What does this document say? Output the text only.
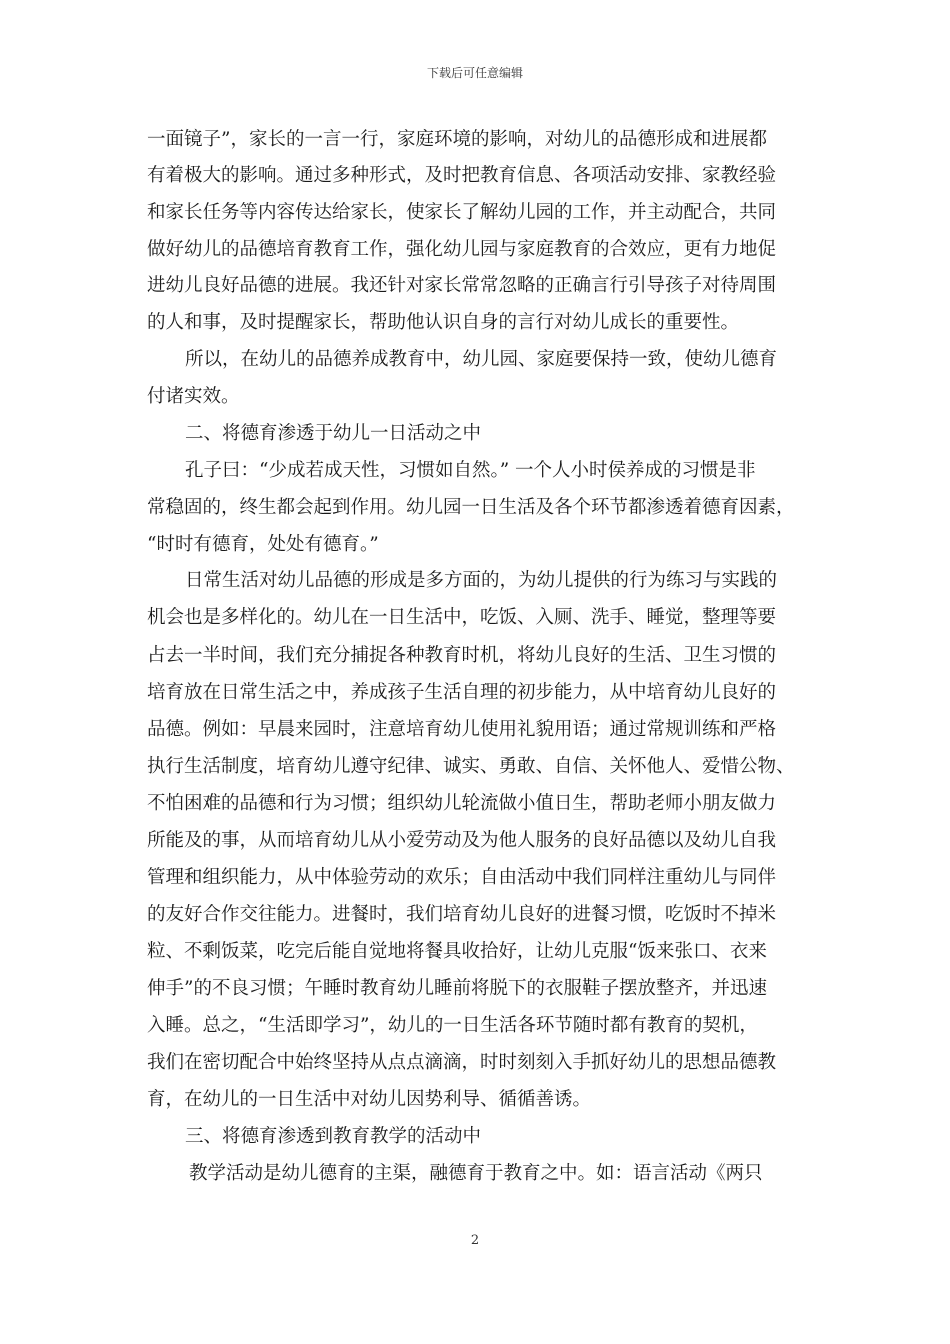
下载后可任意编辑
一面镜子”，家长的一言一行，家庭环境的影响，对幼儿的品德形成和进展都
有着极大的影响。通过多种形式，及时把教育信息、各项活动安排、家教经验
和家长任务等内容传达给家长，使家长了解幼儿园的工作，并主动配合，共同
做好幼儿的品德培育教育工作，强化幼儿园与家庭教育的合效应，更有力地促
进幼儿良好品德的进展。我还针对家长常常忽略的正确言行引导孩子对待周围
的人和事，及时提醒家长，帮助他认识自身的言行对幼儿成长的重要性。
所以，在幼儿的品德养成教育中，幼儿园、家庭要保持一致，使幼儿德育
付诸实效。
二、将德育渗透于幼儿一日活动之中
孔子曰：“少成若成天性，习惯如自然。” 一个人小时侯养成的习惯是非
常稳固的，终生都会起到作用。幼儿园一日生活及各个环节都渗透着德育因素，
“时时有德育，处处有德育。”
日常生活对幼儿品德的形成是多方面的，为幼儿提供的行为练习与实践的
机会也是多样化的。幼儿在一日生活中，吃饭、入厕、洗手、睡觉，整理等要
占去一半时间，我们充分捕捉各种教育时机，将幼儿良好的生活、卫生习惯的
培育放在日常生活之中，养成孩子生活自理的初步能力，从中培育幼儿良好的
品德。例如：早晨来园时，注意培育幼儿使用礼貌用语；通过常规训练和严格
执行生活制度，培育幼儿遵守纪律、诚实、勇敢、自信、关怀他人、爱惜公物、
不怕困难的品德和行为习惯；组织幼儿轮流做小值日生，帮助老师小朋友做力
所能及的事，从而培育幼儿从小爱劳动及为他人服务的良好品德以及幼儿自我
管理和组织能力，从中体验劳动的欢乐；自由活动中我们同样注重幼儿与同伴
的友好合作交往能力。进餐时，我们培育幼儿良好的进餐习惯，吃饭时不掉米
粒、不剩饭菜，吃完后能自觉地将餐具收拾好，让幼儿克服“饭来张口、衣来
伸手”的不良习惯；午睡时教育幼儿睡前将脱下的衣服鞋子摆放整齐，并迅速
入睡。总之，“生活即学习”，幼儿的一日生活各环节随时都有教育的契机，
我们在密切配合中始终坚持从点点滴滴，时时刻刻入手抓好幼儿的思想品德教
育，在幼儿的一日生活中对幼儿因势利导、循循善诱。
三、将德育渗透到教育教学的活动中
教学活动是幼儿德育的主渠，融德育于教育之中。如：语言活动《两只
2
